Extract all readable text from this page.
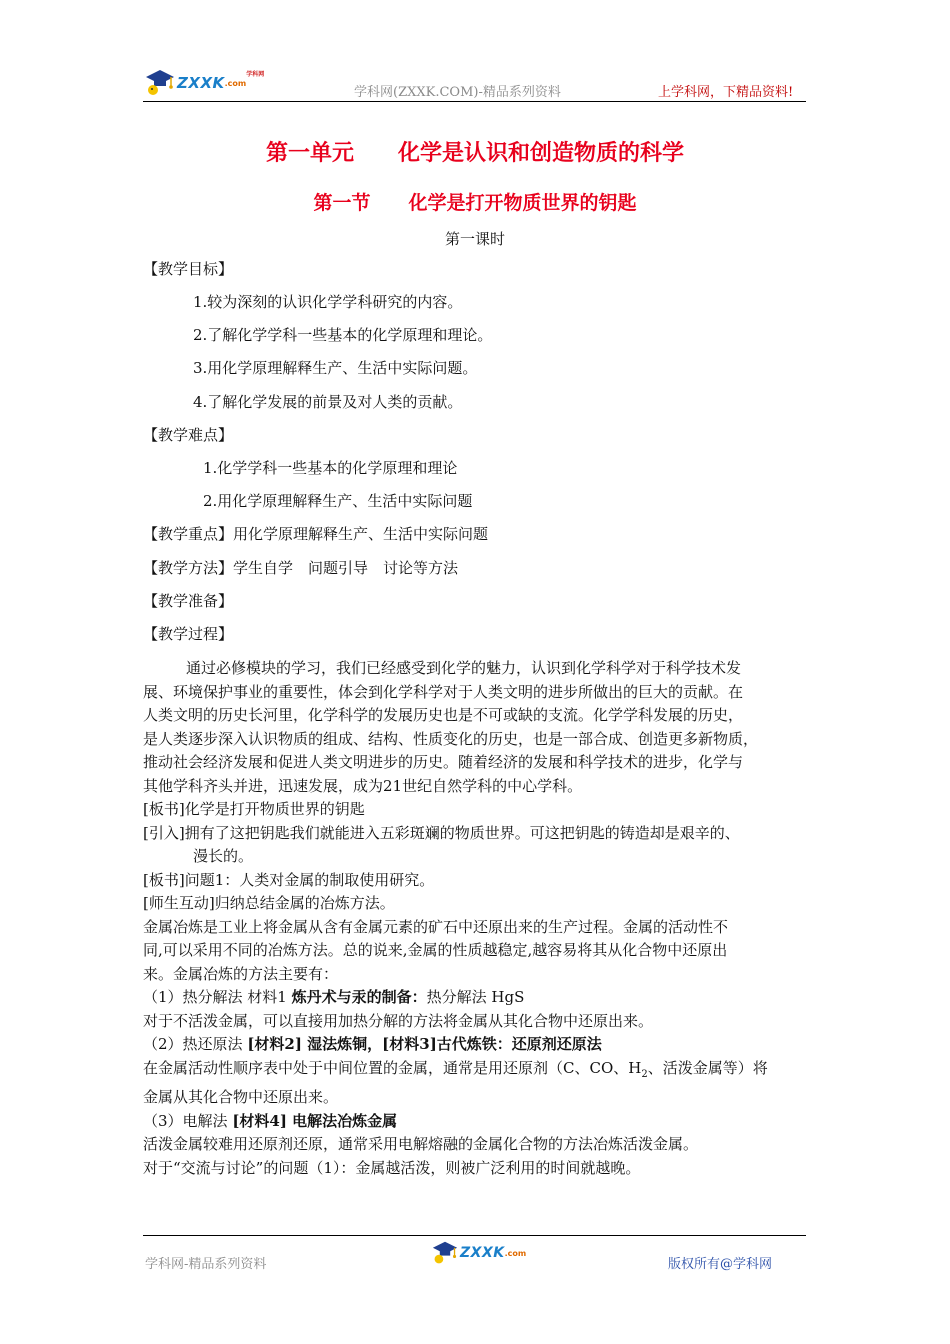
ZXXK .com
学科网
学科网(ZXXK.COM)-精品系列资料	上学科网，下精品资料!
第一单元　　化学是认识和创造物质的科学
第一节　　化学是打开物质世界的钥匙
第一课时
【教学目标】
1.较为深刻的认识化学学科研究的内容。
2.了解化学学科一些基本的化学原理和理论。
3.用化学原理解释生产、生活中实际问题。
4.了解化学发展的前景及对人类的贡献。
【教学难点】
1.化学学科一些基本的化学原理和理论
2.用化学原理解释生产、生活中实际问题
【教学重点】用化学原理解释生产、生活中实际问题
【教学方法】学生自学　问题引导　讨论等方法
【教学准备】
【教学过程】
通过必修模块的学习，我们已经感受到化学的魅力，认识到化学科学对于科学技术发
展、环境保护事业的重要性，体会到化学科学对于人类文明的进步所做出的巨大的贡献。在
人类文明的历史长河里，化学科学的发展历史也是不可或缺的支流。化学学科发展的历史，
是人类逐步深入认识物质的组成、结构、性质变化的历史，也是一部合成、创造更多新物质，
推动社会经济发展和促进人类文明进步的历史。随着经济的发展和科学技术的进步，化学与
其他学科齐头并进，迅速发展，成为21世纪自然学科的中心学科。
[板书]化学是打开物质世界的钥匙
[引入]拥有了这把钥匙我们就能进入五彩斑斓的物质世界。可这把钥匙的铸造却是艰辛的、
漫长的。
[板书]问题1：人类对金属的制取使用研究。
[师生互动]归纳总结金属的冶炼方法。
金属冶炼是工业上将金属从含有金属元素的矿石中还原出来的生产过程。金属的活动性不
同,可以采用不同的冶炼方法。总的说来,金属的性质越稳定,越容易将其从化合物中还原出
来。金属冶炼的方法主要有：
（1）热分解法 材料1 炼丹术与汞的制备：热分解法 HgS
对于不活泼金属，可以直接用加热分解的方法将金属从其化合物中还原出来。
（2）热还原法 [材料2] 湿法炼铜，[材料3]古代炼铁：还原剂还原法
在金属活动性顺序表中处于中间位置的金属，通常是用还原剂（C、CO、$H_2$、活泼金属等）将
金属从其化合物中还原出来。
（3）电解法 [材料4] 电解法冶炼金属
活泼金属较难用还原剂还原，通常采用电解熔融的金属化合物的方法冶炼活泼金属。
对于“交流与讨论”的问题（1）：金属越活泼，则被广泛利用的时间就越晚。
学科网-精品系列资料
ZXXK .com
版权所有@学科网
